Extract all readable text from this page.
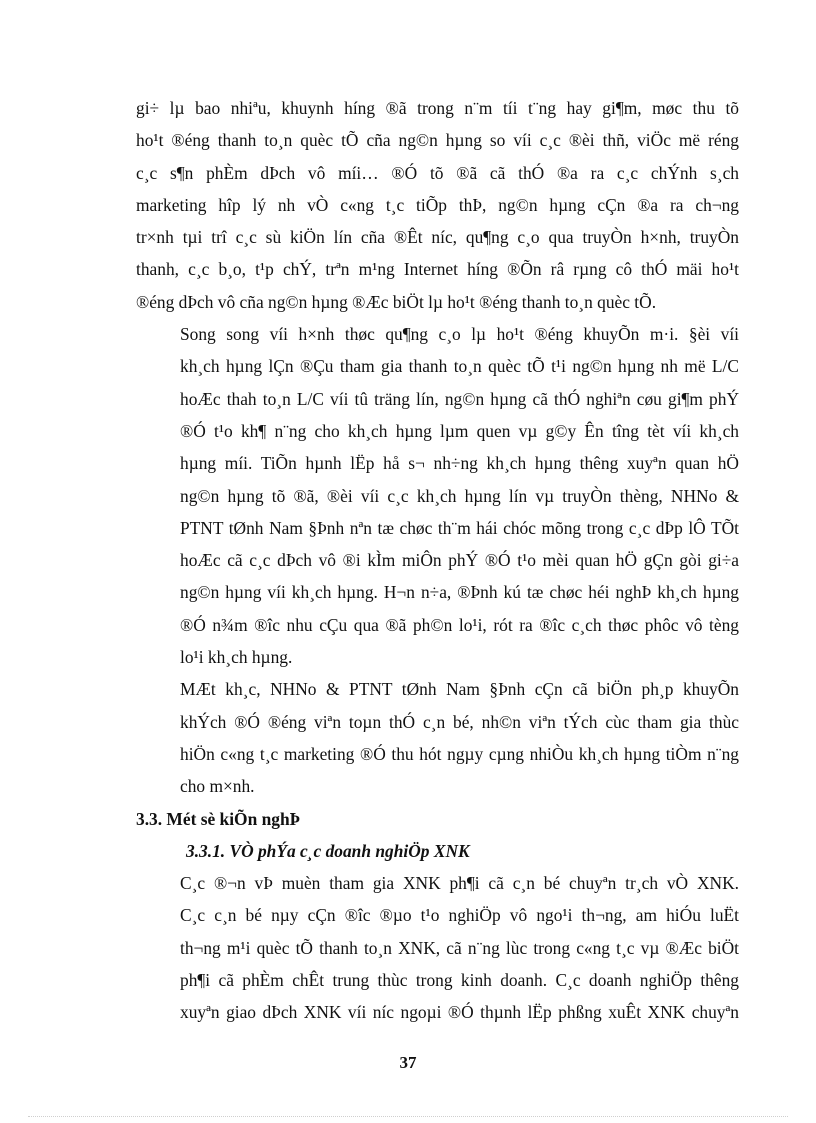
gi÷ lµ bao nhiªu, khuynh híng ®ã trong n¨m tíi t¨ng hay gi¶m, møc thu tõ
ho¹t ®éng thanh to¸n quèc tÕ cña ng©n hµng so víi c¸c ®èi thñ, viÖc më réng
c¸c s¶n phÈm dÞch vô míi… ®Ó tõ ®ã cã thÓ ®a ra c¸c chÝnh s¸ch
marketing hîp lý nh vÒ c«ng t¸c tiÕp thÞ, ng©n hµng cÇn ®a ra ch¬ng
tr×nh tµi trî c¸c sù kiÖn lín cña ®Êt níc, qu¶ng c¸o qua truyÒn h×nh, truyÒn
thanh, c¸c b¸o, t¹p chÝ, trªn m¹ng Internet híng ®Õn râ rµng cô thÓ mäi ho¹t
®éng dÞch vô cña ng©n hµng ®Æc biÖt lµ ho¹t ®éng thanh to¸n quèc tÕ.

Song song víi h×nh thøc qu¶ng c¸o lµ ho¹t ®éng khuyÕn m·i. §èi víi
kh¸ch hµng lÇn ®Çu tham gia thanh to¸n quèc tÕ t¹i ng©n hµng nh më L/C
hoÆc thah to¸n L/C víi tû träng lín, ng©n hµng cã thÓ nghiªn cøu gi¶m phÝ
®Ó t¹o kh¶ n¨ng cho kh¸ch hµng lµm quen vµ g©y Ên tîng tèt víi kh¸ch
hµng míi. TiÕn hµnh lËp hå s¬ nh÷ng kh¸ch hµng thêng xuyªn quan hÖ
ng©n hµng tõ ®ã, ®èi víi c¸c kh¸ch hµng lín vµ truyÒn thèng, NHNo &
PTNT tØnh Nam §Þnh nªn tæ chøc th¨m hái chóc mõng trong c¸c dÞp lÔ TÕt
hoÆc cã c¸c dÞch vô ®i kÌm miÔn phÝ ®Ó t¹o mèi quan hÖ gÇn gòi gi÷a
ng©n hµng víi kh¸ch hµng. H¬n n÷a, ®Þnh kú tæ chøc héi nghÞ kh¸ch hµng
®Ó n¾m ®îc nhu cÇu qua ®ã ph©n lo¹i, rót ra ®îc c¸ch thøc phôc vô tèng
lo¹i kh¸ch hµng.

MÆt kh¸c, NHNo & PTNT tØnh Nam §Þnh cÇn cã biÖn ph¸p khuyÕn
khÝch ®Ó ®éng viªn toµn thÓ c¸n bé, nh©n viªn tÝch cùc tham gia thùc
hiÖn c«ng t¸c marketing ®Ó thu hót ngµy cµng nhiÒu kh¸ch hµng tiÒm n¨ng
cho m×nh.

3.3. Mét sè kiÕn nghÞ
3.3.1. VÒ phÝa c¸c doanh nghiÖp XNK

C¸c ®¬n vÞ muèn tham gia XNK ph¶i cã c¸n bé chuyªn tr¸ch vÒ XNK.
C¸c c¸n bé nµy cÇn ®îc ®µo t¹o nghiÖp vô ngo¹i th¬ng, am hiÓu luËt
th¬ng m¹i quèc tÕ thanh to¸n XNK, cã n¨ng lùc trong c«ng t¸c vµ ®Æc biÖt
ph¶i cã phÈm chÊt trung thùc trong kinh doanh. C¸c doanh nghiÖp thêng
xuyªn giao dÞch XNK víi níc ngoµi ®Ó thµnh lËp phßng xuÊt XNK chuyªn

37
